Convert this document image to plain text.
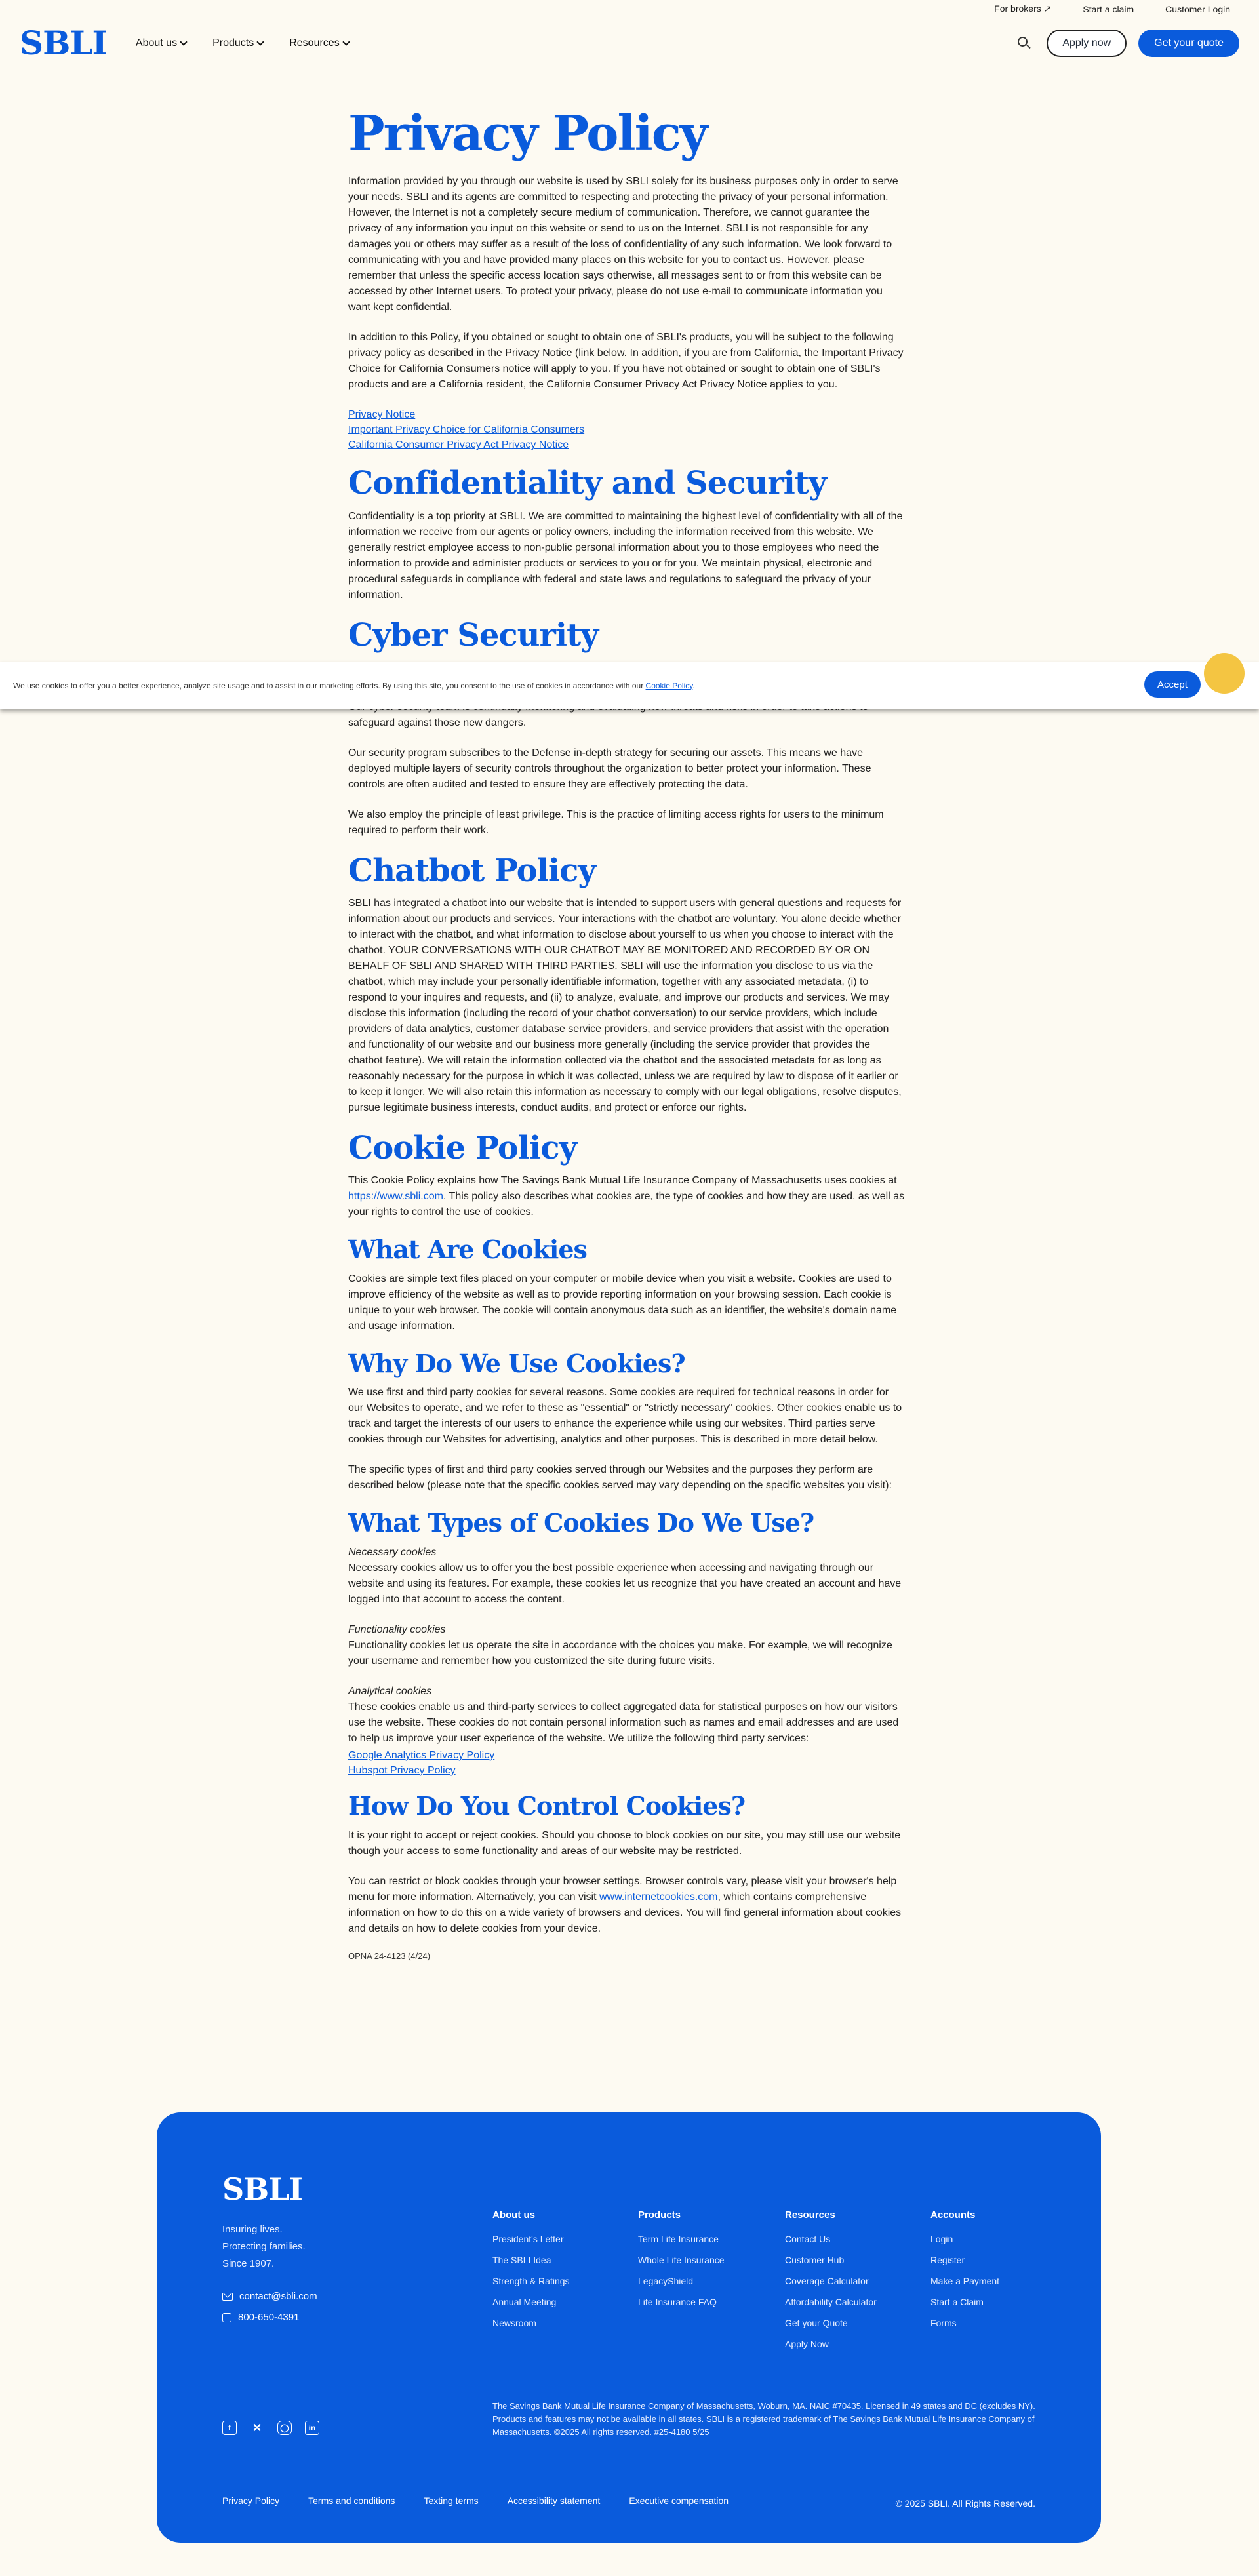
For brokers ↗	Start a claim	Customer Login
SBLI	About us	Products	Resources	Apply now	Get your quote
Privacy Policy

Information provided by you through our website is used by SBLI solely for its business purposes only in order to serve your needs. SBLI and its agents are committed to respecting and protecting the privacy of your personal information. However, the Internet is not a completely secure medium of communication. Therefore, we cannot guarantee the privacy of any information you input on this website or send to us on the Internet. SBLI is not responsible for any damages you or others may suffer as a result of the loss of confidentiality of any such information. We look forward to communicating with you and have provided many places on this website for you to contact us. However, please remember that unless the specific access location says otherwise, all messages sent to or from this website can be accessed by other Internet users. To protect your privacy, please do not use e-mail to communicate information you want kept confidential.

In addition to this Policy, if you obtained or sought to obtain one of SBLI's products, you will be subject to the following privacy policy as described in the Privacy Notice (link below. In addition, if you are from California, the Important Privacy Choice for California Consumers notice will apply to you. If you have not obtained or sought to obtain one of SBLI's products and are a California resident, the California Consumer Privacy Act Privacy Notice applies to you.

Privacy Notice
Important Privacy Choice for California Consumers
California Consumer Privacy Act Privacy Notice
Confidentiality and Security

Confidentiality is a top priority at SBLI. We are committed to maintaining the highest level of confidentiality with all of the information we receive from our agents or policy owners, including the information received from this website. We generally restrict employee access to non-public personal information about you to those employees who need the information to provide and administer products or services to you or for you. We maintain physical, electronic and procedural safeguards in compliance with federal and state laws and regulations to safeguard the privacy of your information.

Cyber Security

safeguard against those new dangers.

Our security program subscribes to the Defense in-depth strategy for securing our assets. This means we have deployed multiple layers of security controls throughout the organization to better protect your information. These controls are often audited and tested to ensure they are effectively protecting the data.

We also employ the principle of least privilege. This is the practice of limiting access rights for users to the minimum required to perform their work.

Chatbot Policy

SBLI has integrated a chatbot into our website that is intended to support users with general questions and requests for information about our products and services. Your interactions with the chatbot are voluntary. You alone decide whether to interact with the chatbot, and what information to disclose about yourself to us when you choose to interact with the chatbot. YOUR CONVERSATIONS WITH OUR CHATBOT MAY BE MONITORED AND RECORDED BY OR ON BEHALF OF SBLI AND SHARED WITH THIRD PARTIES. SBLI will use the information you disclose to us via the chatbot, which may include your personally identifiable information, together with any associated metadata, (i) to respond to your inquires and requests, and (ii) to analyze, evaluate, and improve our products and services. We may disclose this information (including the record of your chatbot conversation) to our service providers, which include providers of data analytics, customer database service providers, and service providers that assist with the operation and functionality of our website and our business more generally (including the service provider that provides the chatbot feature). We will retain the information collected via the chatbot and the associated metadata for as long as reasonably necessary for the purpose in which it was collected, unless we are required by law to dispose of it earlier or to keep it longer. We will also retain this information as necessary to comply with our legal obligations, resolve disputes, pursue legitimate business interests, conduct audits, and protect or enforce our rights.

Cookie Policy

This Cookie Policy explains how The Savings Bank Mutual Life Insurance Company of Massachusetts uses cookies at https://www.sbli.com. This policy also describes what cookies are, the type of cookies and how they are used, as well as your rights to control the use of cookies.

What Are Cookies

Cookies are simple text files placed on your computer or mobile device when you visit a website. Cookies are used to improve efficiency of the website as well as to provide reporting information on your browsing session. Each cookie is unique to your web browser. The cookie will contain anonymous data such as an identifier, the website's domain name and usage information.

Why Do We Use Cookies?

We use first and third party cookies for several reasons. Some cookies are required for technical reasons in order for our Websites to operate, and we refer to these as "essential" or "strictly necessary" cookies. Other cookies enable us to track and target the interests of our users to enhance the experience while using our websites. Third parties serve cookies through our Websites for advertising, analytics and other purposes. This is described in more detail below.

The specific types of first and third party cookies served through our Websites and the purposes they perform are described below (please note that the specific cookies served may vary depending on the specific websites you visit):

What Types of Cookies Do We Use?
Necessary cookies

Necessary cookies allow us to offer you the best possible experience when accessing and navigating through our website and using its features. For example, these cookies let us recognize that you have created an account and have logged into that account to access the content.

Functionality cookies

Functionality cookies let us operate the site in accordance with the choices you make. For example, we will recognize your username and remember how you customized the site during future visits.

Analytical cookies

These cookies enable us and third-party services to collect aggregated data for statistical purposes on how our visitors use the website. These cookies do not contain personal information such as names and email addresses and are used to help us improve your user experience of the website. We utilize the following third party services:

Google Analytics Privacy Policy
Hubspot Privacy Policy
How Do You Control Cookies?

It is your right to accept or reject cookies. Should you choose to block cookies on our site, you may still use our website though your access to some functionality and areas of our website may be restricted.

You can restrict or block cookies through your browser settings. Browser controls vary, please visit your browser's help menu for more information. Alternatively, you can visit www.internetcookies.com, which contains comprehensive information on how to do this on a wide variety of browsers and devices. You will find general information about cookies and details on how to delete cookies from your device.

OPNA 24-4123 (4/24)
We use cookies to offer you a better experience, analyze site usage and to assist in our marketing efforts. By using this site, you consent to the use of cookies in accordance with our Cookie Policy.	Accept
SBLI
Insuring lives.
Protecting families.
Since 1907.
contact@sbli.com
800-650-4391
About us
President's Letter
The SBLI Idea
Strength & Ratings
Annual Meeting
Newsroom
Products
Term Life Insurance
Whole Life Insurance
LegacyShield
Life Insurance FAQ
Resources
Contact Us
Customer Hub
Coverage Calculator
Affordability Calculator
Get your Quote
Apply Now
Accounts
Login
Register
Make a Payment
Start a Claim
Forms
f	✕	◯	in
The Savings Bank Mutual Life Insurance Company of Massachusetts, Woburn, MA. NAIC #70435. Licensed in 49 states and DC (excludes NY). Products and features may not be available in all states. SBLI is a registered trademark of The Savings Bank Mutual Life Insurance Company of Massachusetts. ©2025 All rights reserved. #25-4180 5/25
Privacy Policy	Terms and conditions	Texting terms	Accessibility statement	Executive compensation	© 2025 SBLI. All Rights Reserved.
